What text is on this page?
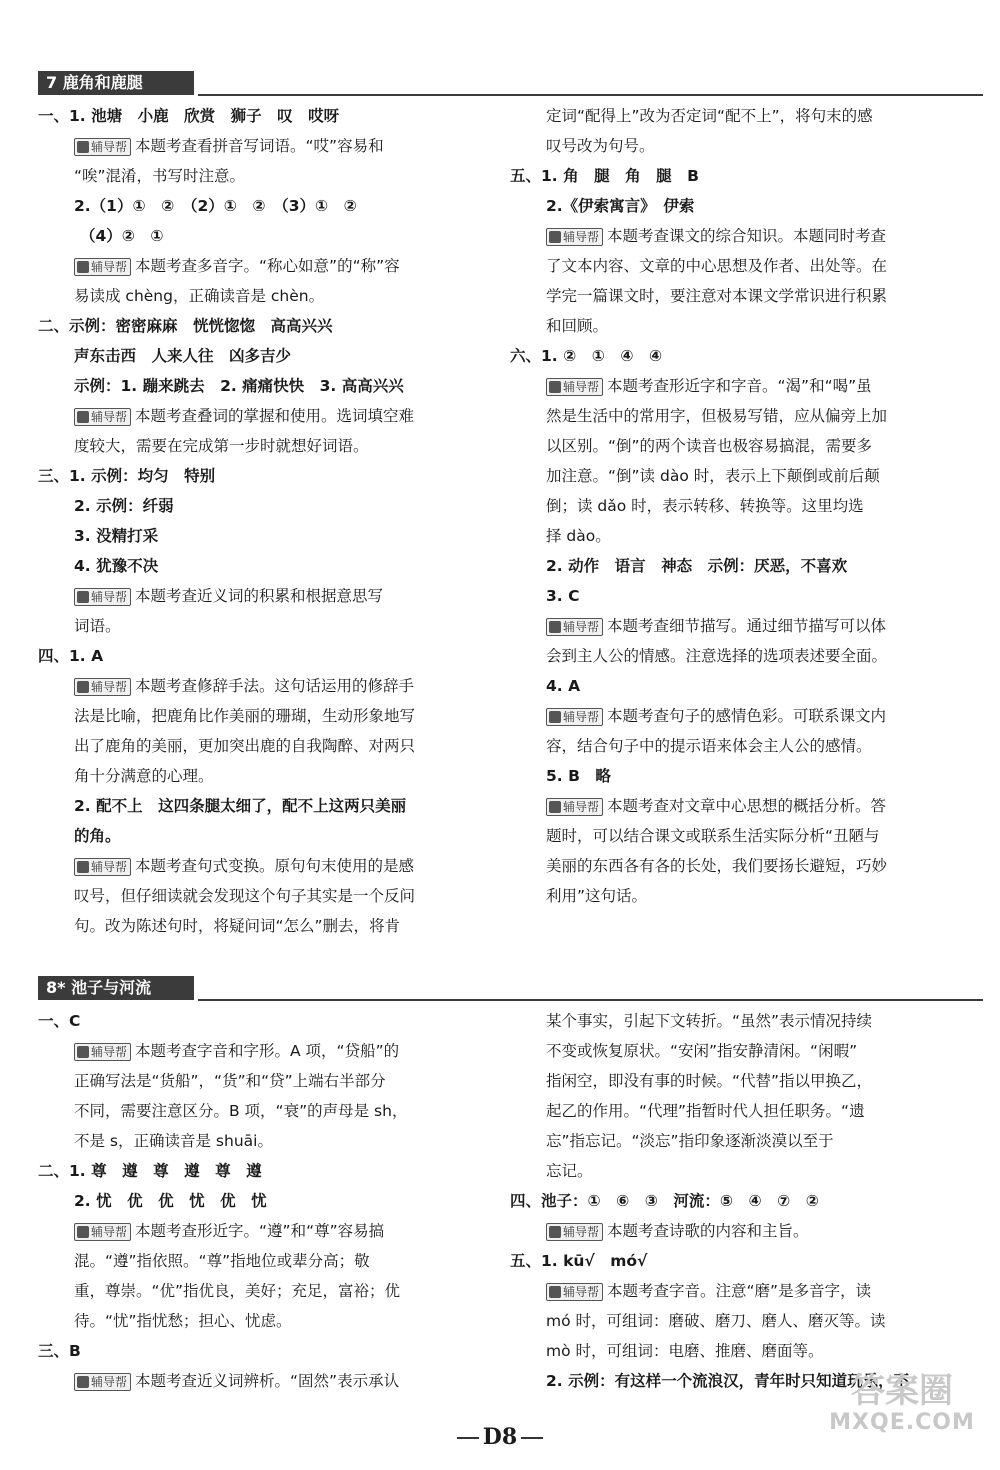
7 鹿角和鹿腿
一、1. 池塘　小鹿　欣赏　狮子　叹　哎呀
辅导帮 本题考查看拼音写词语。“哎”容易和
“唉”混淆，书写时注意。
2.（1）①　②　（2）①　②　（3）①　②
（4）②　①
辅导帮 本题考查多音字。“称心如意”的“称”容
易读成 chèng，正确读音是 chèn。
二、示例：密密麻麻　恍恍惚惚　高高兴兴
声东击西　人来人往　凶多吉少
示例：1. 蹦来跳去　2. 痛痛快快　3. 高高兴兴
辅导帮 本题考查叠词的掌握和使用。选词填空难
度较大，需要在完成第一步时就想好词语。
三、1. 示例：均匀　特别
2. 示例：纤弱
3. 没精打采
4. 犹豫不决
辅导帮 本题考查近义词的积累和根据意思写
词语。
四、1. A
辅导帮 本题考查修辞手法。这句话运用的修辞手
法是比喻，把鹿角比作美丽的珊瑚，生动形象地写
出了鹿角的美丽，更加突出鹿的自我陶醉、对两只
角十分满意的心理。
2. 配不上　这四条腿太细了，配不上这两只美丽
的角。
辅导帮 本题考查句式变换。原句句末使用的是感
叹号，但仔细读就会发现这个句子其实是一个反问
句。改为陈述句时，将疑问词“怎么”删去，将肯
定词“配得上”改为否定词“配不上”，将句末的感
叹号改为句号。
五、1. 角　腿　角　腿　B
2.《伊索寓言》　伊索
辅导帮 本题考查课文的综合知识。本题同时考查
了文本内容、文章的中心思想及作者、出处等。在
学完一篇课文时，要注意对本课文学常识进行积累
和回顾。
六、1. ②　①　④　④
辅导帮 本题考查形近字和字音。“渴”和“喝”虽
然是生活中的常用字，但极易写错，应从偏旁上加
以区别。“倒”的两个读音也极容易搞混，需要多
加注意。“倒”读 dào 时，表示上下颠倒或前后颠
倒；读 dǎo 时，表示转移、转换等。这里均选
择 dào。
2. 动作　语言　神态　示例：厌恶，不喜欢
3. C
辅导帮 本题考查细节描写。通过细节描写可以体
会到主人公的情感。注意选择的选项表述要全面。
4. A
辅导帮 本题考查句子的感情色彩。可联系课文内
容，结合句子中的提示语来体会主人公的感情。
5. B　略
辅导帮 本题考查对文章中心思想的概括分析。答
题时，可以结合课文或联系生活实际分析“丑陋与
美丽的东西各有各的长处，我们要扬长避短，巧妙
利用”这句话。
8* 池子与河流
一、C
辅导帮 本题考查字音和字形。A 项，“贷船”的
正确写法是“货船”，“货”和“贷”上端右半部分
不同，需要注意区分。B 项，“衰”的声母是 sh，
不是 s，正确读音是 shuāi。
二、1. 尊　遵　尊　遵　尊　遵
2. 忧　优　优　忧　优　忧
辅导帮 本题考查形近字。“遵”和“尊”容易搞
混。“遵”指依照。“尊”指地位或辈分高；敬
重，尊崇。“优”指优良，美好；充足，富裕；优
待。“忧”指忧愁；担心、忧虑。
三、B
辅导帮 本题考查近义词辨析。“固然”表示承认
某个事实，引起下文转折。“虽然”表示情况持续
不变或恢复原状。“安闲”指安静清闲。“闲暇”
指闲空，即没有事的时候。“代替”指以甲换乙，
起乙的作用。“代理”指暂时代人担任职务。“遗
忘”指忘记。“淡忘”指印象逐渐淡漠以至于
忘记。
四、池子：①　⑥　③　河流：⑤　④　⑦　②
辅导帮 本题考查诗歌的内容和主旨。
五、1. kū√　mó√
辅导帮 本题考查字音。注意“磨”是多音字，读
mó 时，可组词：磨破、磨刀、磨人、磨灭等。读
mò 时，可组词：电磨、推磨、磨面等。
2. 示例：有这样一个流浪汉，青年时只知道玩乐，不
D8
答案圈
MXQE.COM
